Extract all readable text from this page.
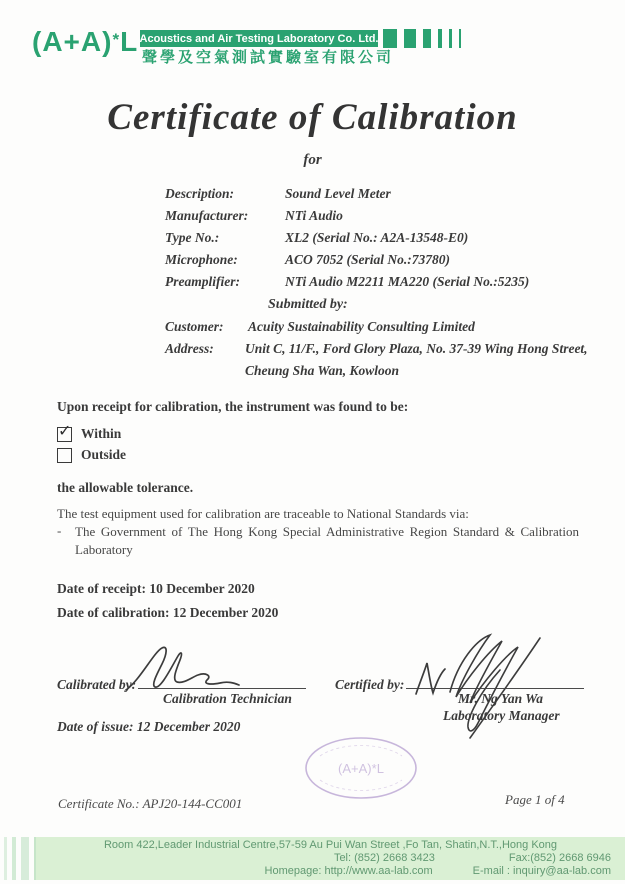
(A+A)*L Acoustics and Air Testing Laboratory Co. Ltd.
聲學及空氣測試實驗室有限公司
Certificate of Calibration
for
Description:	Sound Level Meter
Manufacturer:	NTi Audio
Type No.:	XL2 (Serial No.: A2A-13548-E0)
Microphone:	ACO 7052 (Serial No.:73780)
Preamplifier:	NTi Audio M2211 MA220 (Serial No.:5235)
Submitted by:
Customer:	Acuity Sustainability Consulting Limited
Address:	Unit C, 11/F., Ford Glory Plaza, No. 37-39 Wing Hong Street,
Cheung Sha Wan, Kowloon
Upon receipt for calibration, the instrument was found to be:
✓ Within
Outside
the allowable tolerance.
The test equipment used for calibration are traceable to National Standards via:
-	The Government of The Hong Kong Special Administrative Region Standard & Calibration Laboratory
Date of receipt: 10 December 2020
Date of calibration: 12 December 2020
Calibrated by:
Calibration Technician
Certified by:
Mr. Ng Yan Wa
Laboratory Manager
Date of issue: 12 December 2020
(A+A)*L
Certificate No.: APJ20-144-CC001	Page 1 of 4
Room 422,Leader Industrial Centre,57-59 Au Pui Wan Street ,Fo Tan, Shatin,N.T.,Hong Kong
Tel: (852) 2668 3423	Fax:(852) 2668 6946
Homepage: http://www.aa-lab.com	E-mail : inquiry@aa-lab.com
